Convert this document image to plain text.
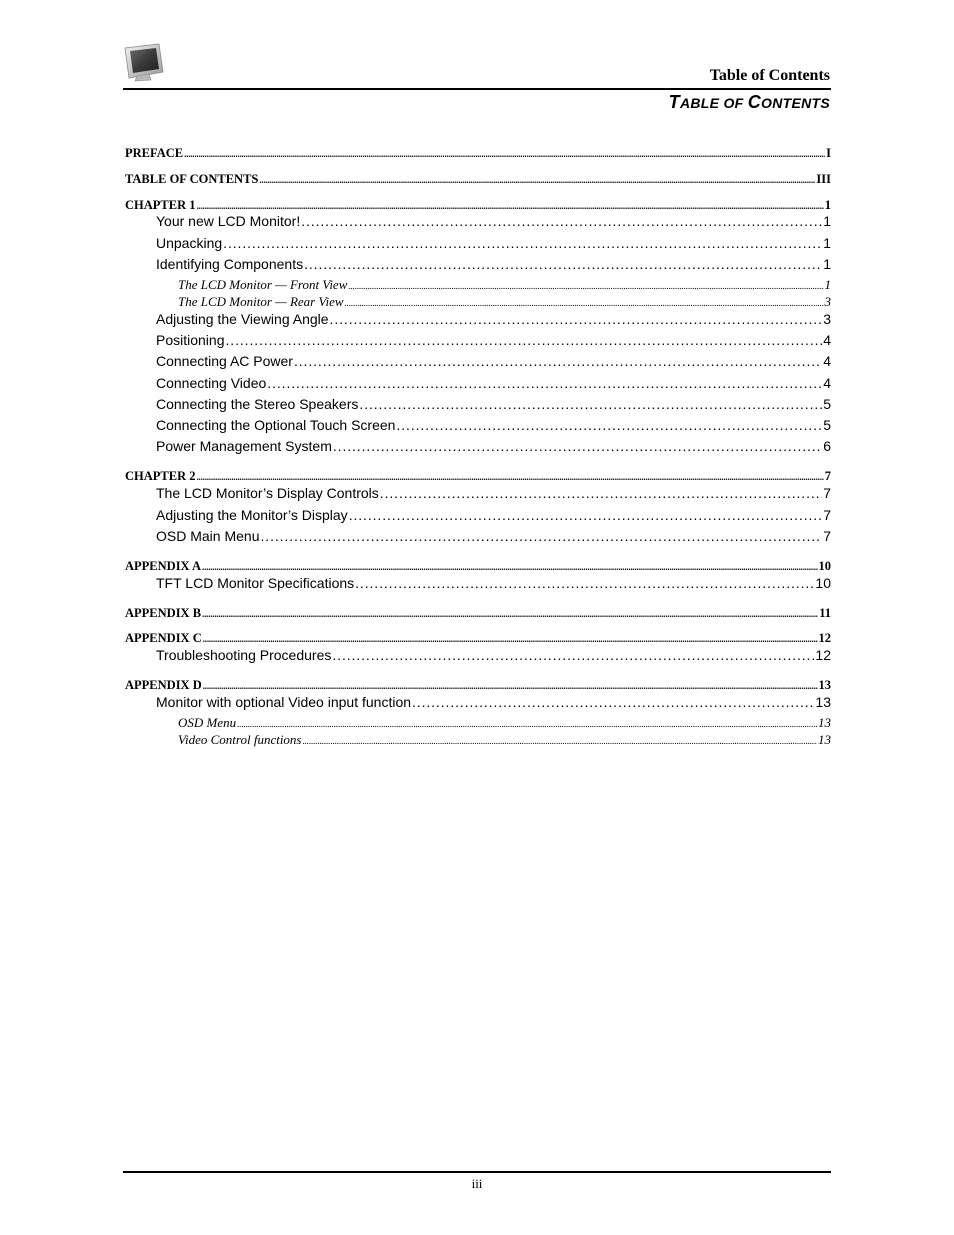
Table of Contents
TABLE OF CONTENTS
PREFACE .....	I
TABLE OF CONTENTS .....	III
CHAPTER 1 .....	1
Your new LCD Monitor! .....	1
Unpacking .....	1
Identifying Components .....	1
The LCD Monitor — Front View .....	1
The LCD Monitor — Rear View .....	3
Adjusting the Viewing Angle .....	3
Positioning .....	4
Connecting AC Power .....	4
Connecting Video .....	4
Connecting the Stereo Speakers .....	5
Connecting the Optional Touch Screen .....	5
Power Management System .....	6
CHAPTER 2 .....	7
The LCD Monitor’s Display Controls .....	7
Adjusting the Monitor’s Display .....	7
OSD Main Menu .....	7
APPENDIX A .....	10
TFT LCD Monitor Specifications .....	10
APPENDIX B .....	11
APPENDIX C .....	12
Troubleshooting Procedures .....	12
APPENDIX D .....	13
Monitor with optional Video input function .....	13
OSD Menu .....	13
Video Control functions .....	13
iii
